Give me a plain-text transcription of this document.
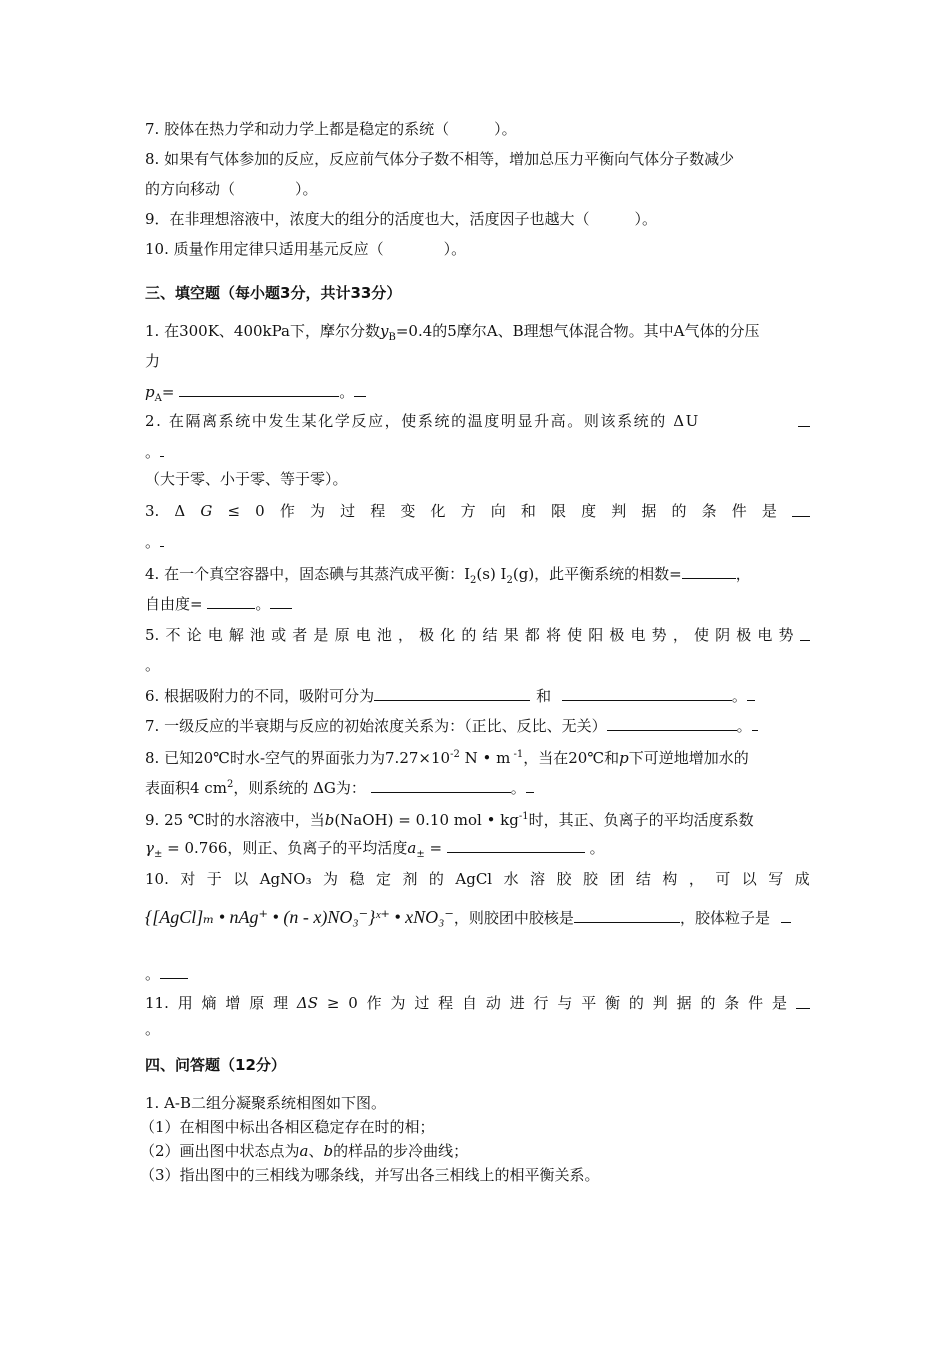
7. 胶体在热力学和动力学上都是稳定的系统（　　　）。
8. 如果有气体参加的反应，反应前气体分子数不相等，增加总压力平衡向气体分子数减少
的方向移动（　　　　）。
9．在非理想溶液中，浓度大的组分的活度也大，活度因子也越大（　　　）。
10. 质量作用定律只适用基元反应（　　　　）。
三、填空题（每小题3分，共计33分）
1. 在300K、400kPa下，摩尔分数$y_B=0.4$的5摩尔A、B理想气体混合物。其中A气体的分压
力
$p_A=$	。
2. 在隔离系统中发生某化学反应，使系统的温度明显升高。则该系统的 ΔU
。
（大于零、小于零、等于零）。
3. Δ G ≤ 0 作 为 过 程 变 化 方 向 和 限 度 判 据 的 条 件 是
。
4. 在一个真空容器中，固态碘与其蒸汽成平衡：$I_2(s)$ $I_2(g)$，此平衡系统的相数=	，
自由度=	。
5. 不 论 电 解 池 或 者 是 原 电 池 ， 极 化 的 结 果 都 将 使 阳 极 电 势 ， 使 阴 极 电 势
。
6. 根据吸附力的不同，吸附可分为	和	。
7. 一级反应的半衰期与反应的初始浓度关系为：（正比、反比、无关）	。
8. 已知20℃时水-空气的界面张力为$7.27\times 10^{-2}$ N • m $^{-1}$，当在20℃和p下可逆地增加水的
表面积4 $cm^2$，则系统的 ΔG为：	。
9. 25 ℃时的水溶液中，当b(NaOH) = 0.10 mol • $kg^{-1}$时，其正、负离子的平均活度系数
$\gamma_\pm = 0.766$，则正、负离子的平均活度$a_\pm$ =	。
10. 对 于 以 AgNO₃ 为 稳 定 剂 的 AgCl 水 溶 胶 胶 团 结 构 ， 可 以 写 成
{[AgCl]ₘ • nAg⁺ • (n - x)NO₃⁻}ˣ⁺ • xNO₃⁻，则胶团中胶核是	，胶体粒子是
。
11. 用 熵 增 原 理 ΔS ≥ 0 作 为 过 程 自 动 进 行 与 平 衡 的 判 据 的 条 件 是
。
四、问答题（12分）
1. A-B二组分凝聚系统相图如下图。
（1）在相图中标出各相区稳定存在时的相；
（2）画出图中状态点为a、b的样品的步冷曲线；
（3）指出图中的三相线为哪条线，并写出各三相线上的相平衡关系。
